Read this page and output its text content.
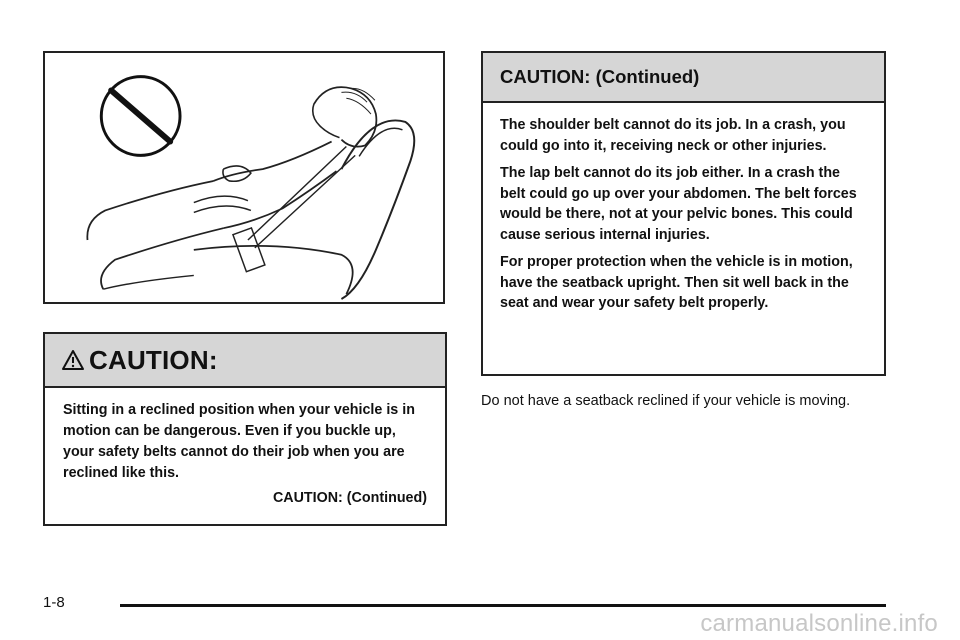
CAUTION:
Sitting in a reclined position when your vehicle is in motion can be dangerous. Even if you buckle up, your safety belts cannot do their job when you are reclined like this.
CAUTION: (Continued)
CAUTION: (Continued)

The shoulder belt cannot do its job. In a crash, you could go into it, receiving neck or other injuries.

The lap belt cannot do its job either. In a crash the belt could go up over your abdomen. The belt forces would be there, not at your pelvic bones. This could cause serious internal injuries.

For proper protection when the vehicle is in motion, have the seatback upright. Then sit well back in the seat and wear your safety belt properly.

Do not have a seatback reclined if your vehicle is moving.
1-8
carmanualsonline.info
